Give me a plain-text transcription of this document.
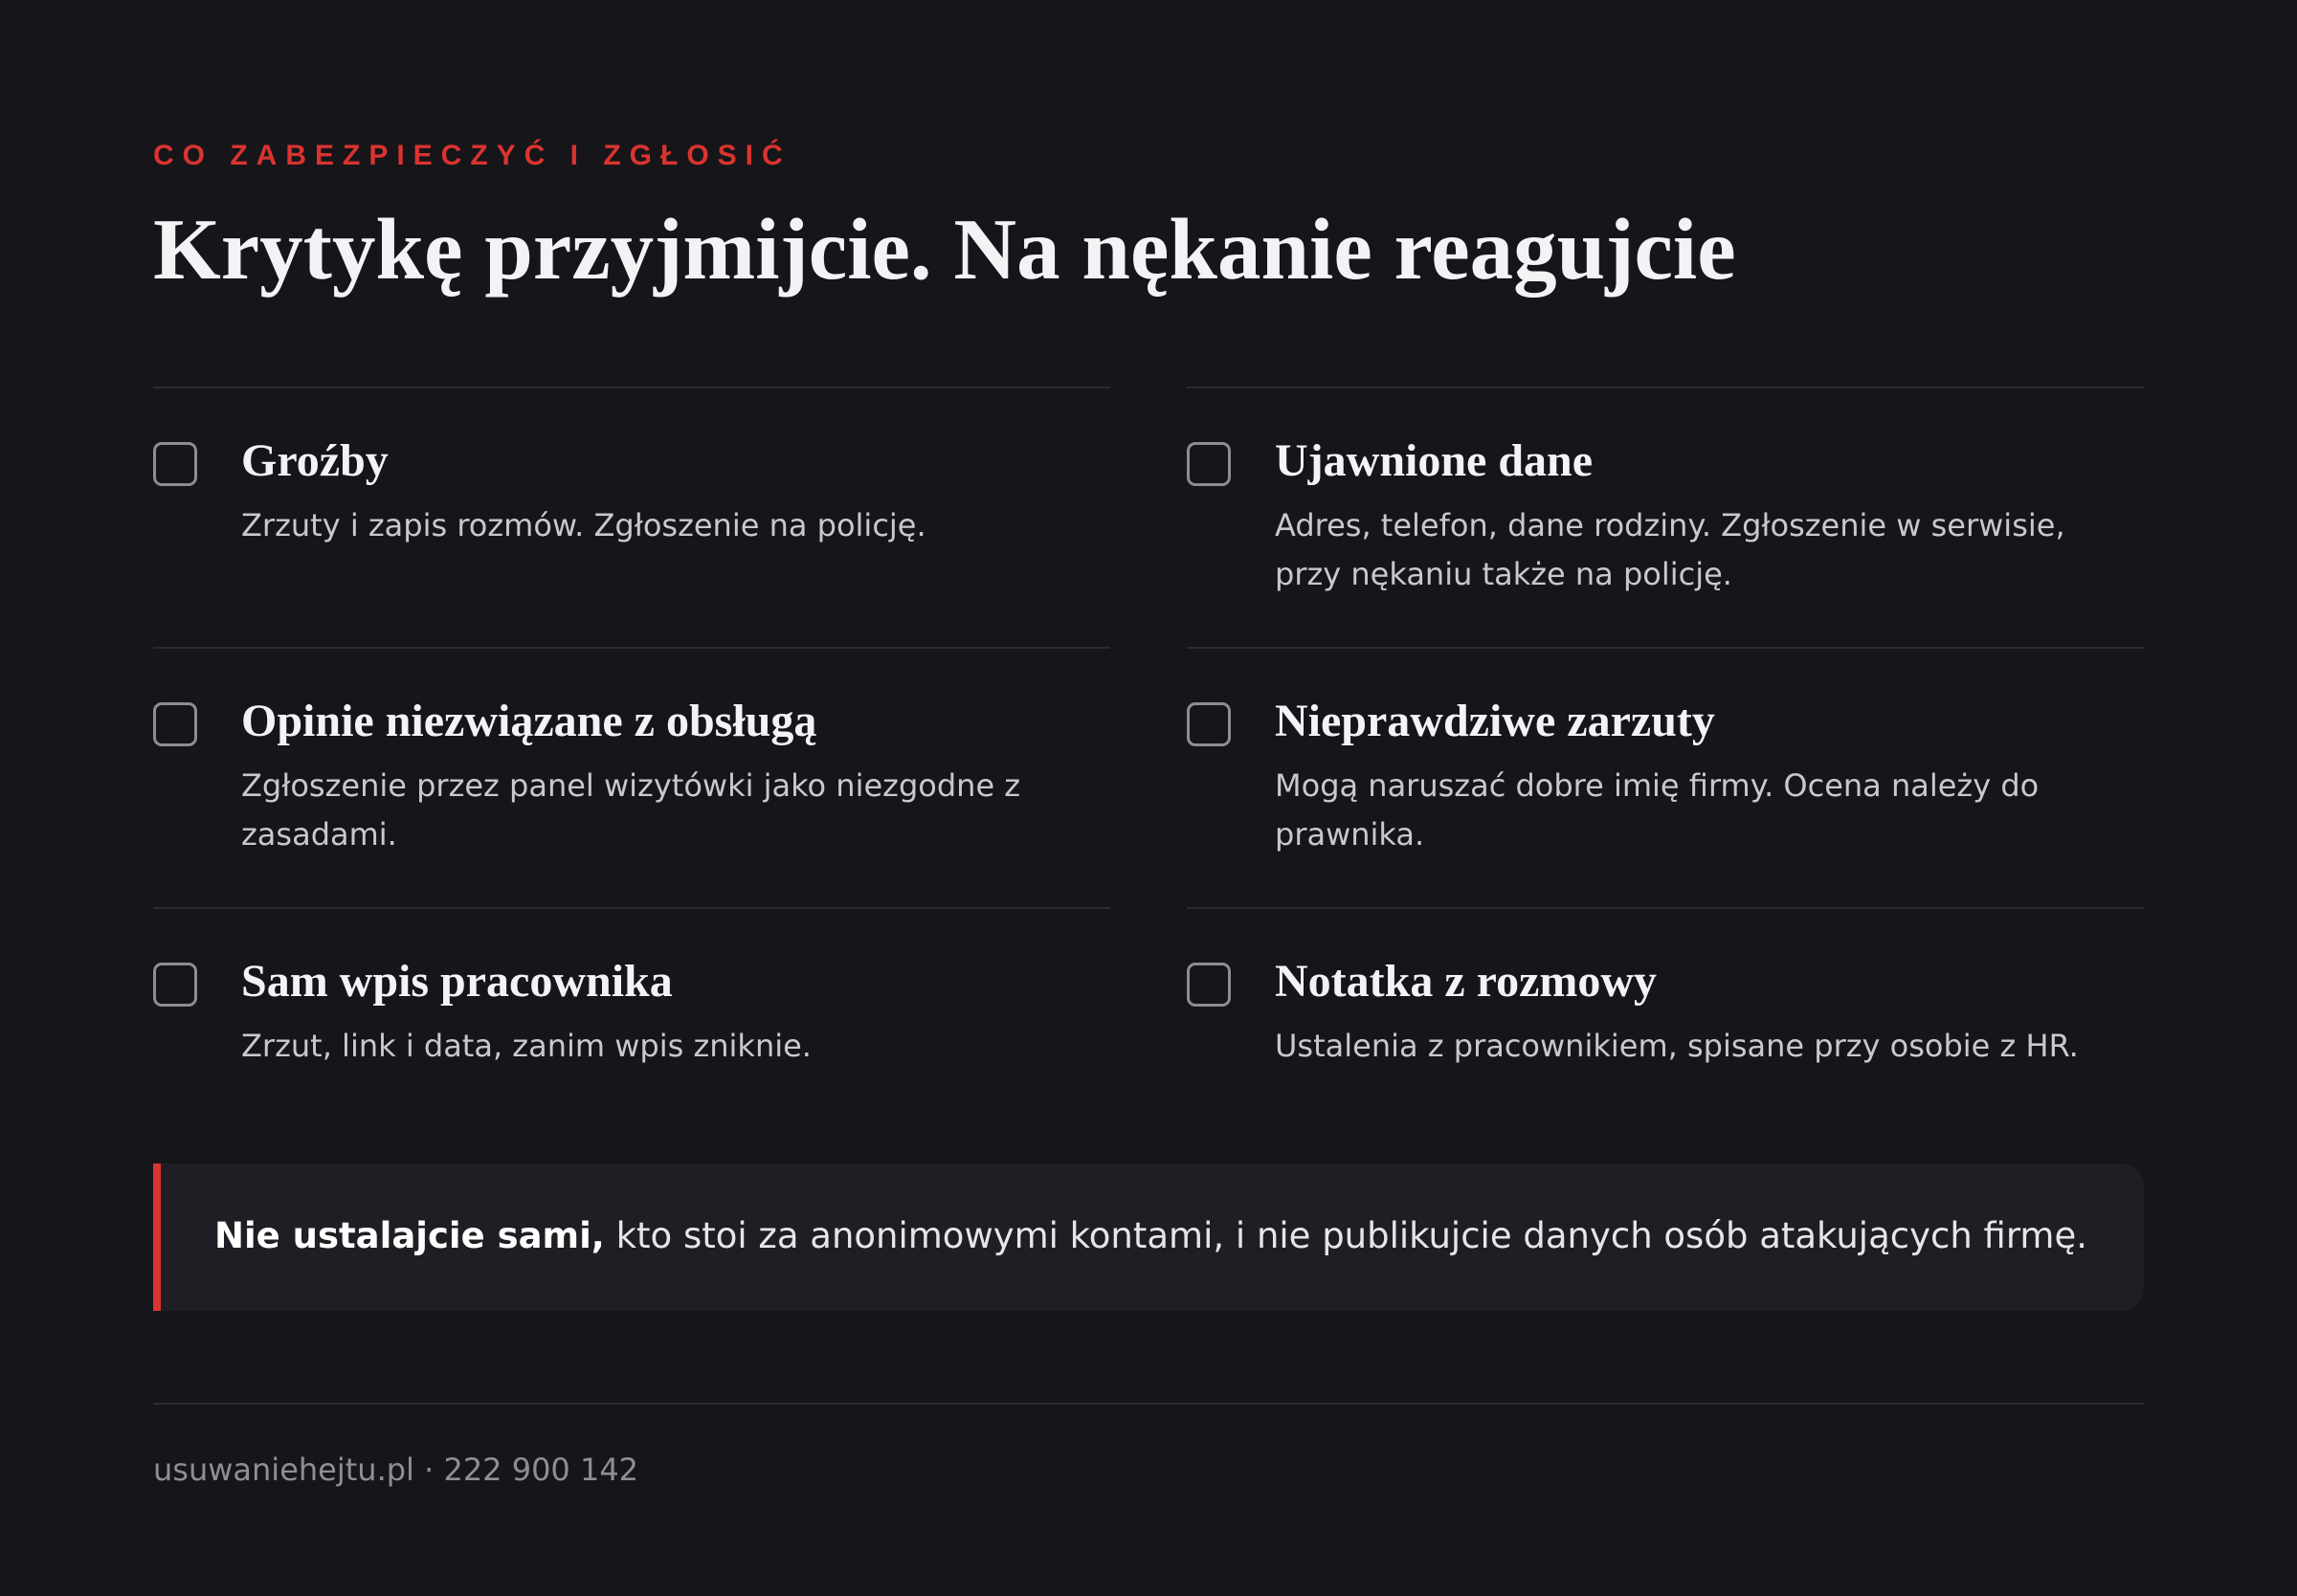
CO ZABEZPIECZYĆ I ZGŁOSIĆ
Krytykę przyjmijcie. Na nękanie reagujcie
Groźby
Zrzuty i zapis rozmów. Zgłoszenie na policję.
Ujawnione dane
Adres, telefon, dane rodziny. Zgłoszenie w serwisie, przy nękaniu także na policję.
Opinie niezwiązane z obsługą
Zgłoszenie przez panel wizytówki jako niezgodne z zasadami.
Nieprawdziwe zarzuty
Mogą naruszać dobre imię firmy. Ocena należy do prawnika.
Sam wpis pracownika
Zrzut, link i data, zanim wpis zniknie.
Notatka z rozmowy
Ustalenia z pracownikiem, spisane przy osobie z HR.
Nie ustalajcie sami, kto stoi za anonimowymi kontami, i nie publikujcie danych osób atakujących firmę.
usuwaniehejtu.pl · 222 900 142
